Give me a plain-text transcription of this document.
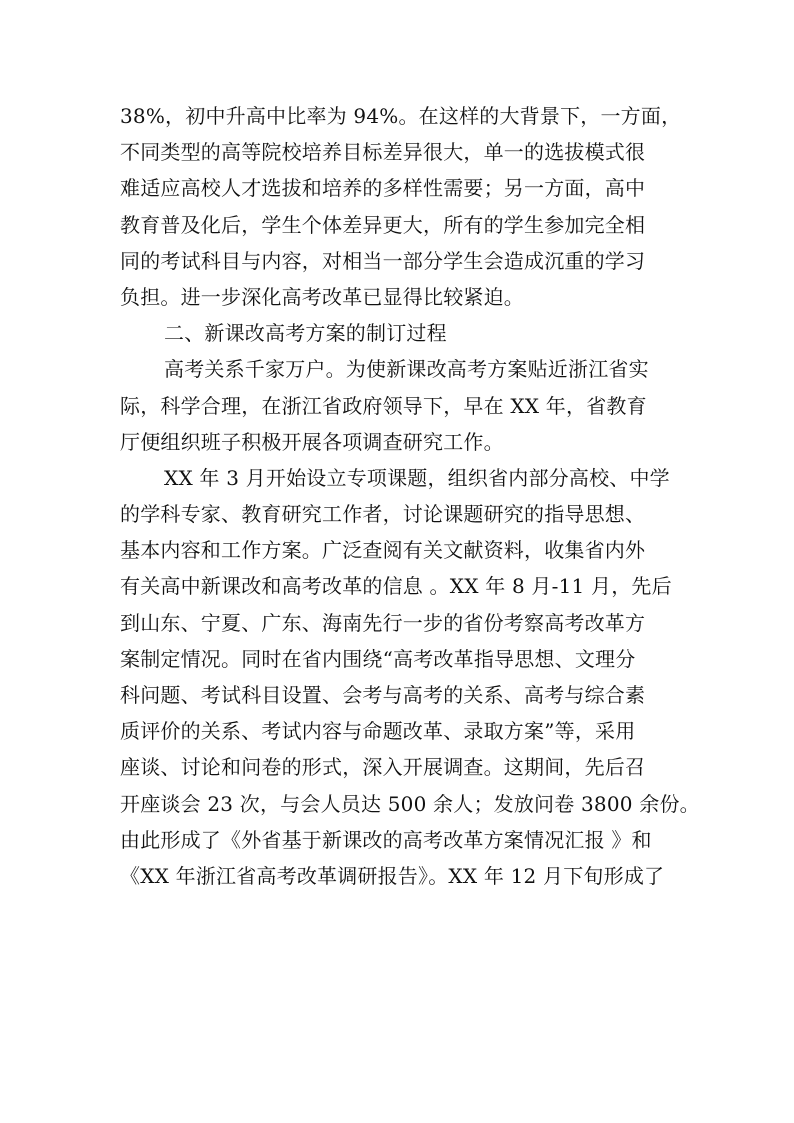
38%，初中升高中比率为 94%。在这样的大背景下，一方面，
不同类型的高等院校培养目标差异很大，单一的选拔模式很
难适应高校人才选拔和培养的多样性需要；另一方面，高中
教育普及化后，学生个体差异更大，所有的学生参加完全相
同的考试科目与内容，对相当一部分学生会造成沉重的学习
负担。进一步深化高考改革已显得比较紧迫。
二、新课改高考方案的制订过程
高考关系千家万户。为使新课改高考方案贴近浙江省实
际，科学合理，在浙江省政府领导下，早在 XX 年，省教育
厅便组织班子积极开展各项调查研究工作。
XX 年 3 月开始设立专项课题，组织省内部分高校、中学
的学科专家、教育研究工作者，讨论课题研究的指导思想、
基本内容和工作方案。广泛查阅有关文献资料，收集省内外
有关高中新课改和高考改革的信息 。XX 年 8 月-11 月，先后
到山东、宁夏、广东、海南先行一步的省份考察高考改革方
案制定情况。同时在省内围绕“高考改革指导思想、文理分
科问题、考试科目设置、会考与高考的关系、高考与综合素
质评价的关系、考试内容与命题改革、录取方案”等，采用
座谈、讨论和问卷的形式，深入开展调查。这期间，先后召
开座谈会 23 次，与会人员达 500 余人；发放问卷 3800 余份。
由此形成了《外省基于新课改的高考改革方案情况汇报 》和
《XX 年浙江省高考改革调研报告》。XX 年 12 月下旬形成了
